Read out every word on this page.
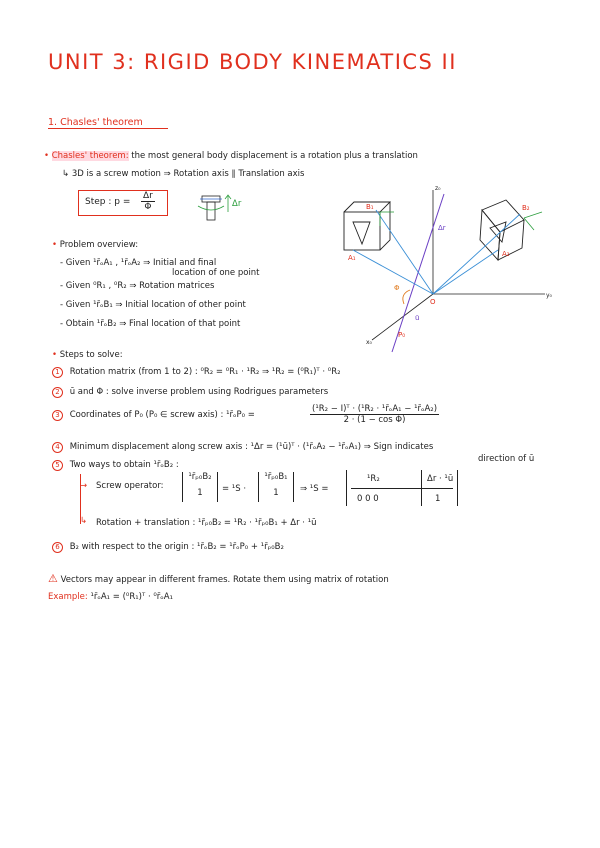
UNIT 3: RIGID BODY KINEMATICS II
1. Chasles' theorem
• Chasles' theorem: the most general body displacement is a rotation plus a translation
↳ 3D is a screw motion ⇒ Rotation axis ∥ Translation axis
Step : $p = \frac{\Delta r}{\Phi}$	Δr
• Problem overview:
- Given ¹r̄ₒA₁ , ¹r̄ₒA₂ ⇒ Initial and final
location of one point
- Given ⁰R₁ , ⁰R₂ ⇒ Rotation matrices
- Given ¹r̄ₒB₁ ⇒ Initial location of other point
- Obtain ¹r̄ₒB₂ ⇒ Final location of that point
z₀
y₀
x₀
O
A₁
B₁
A₂
B₂
P₀
Δr
ū
Φ
• Steps to solve:
1 Rotation matrix (from 1 to 2) : ⁰R₂ = ⁰R₁ · ¹R₂ ⇒ ¹R₂ = (⁰R₁)ᵀ · ⁰R₂
2 ū and Φ : solve inverse problem using Rodrigues parameters
3 Coordinates of P₀ (P₀ ∈ screw axis) : ¹r̄ₒP₀ =	$\frac{\text{(¹R₂ − I)ᵀ · (¹R₂ · ¹r̄ₒA₁ − ¹r̄ₒA₂)}}{\text{2 · (1 − cos Φ)}}$
4 Minimum displacement along screw axis : ¹Δr = (¹ū)ᵀ · (¹r̄ₒA₂ − ¹r̄ₒA₁) ⇒ Sign indicates
direction of ū
5 Two ways to obtain ¹r̄ₒB₂ :
→ Screw operator:
¹r̄ₚ₀B₂
1	= ¹S ·
¹r̄ₚ₀B₁
1	⇒ ¹S =
¹R₂	Δr · ¹ū
0 0 0	1
↳ Rotation + translation : ¹r̄ₚ₀B₂ = ¹R₂ · ¹r̄ₚ₀B₁ + Δr · ¹ū
6 B₂ with respect to the origin : ¹r̄ₒB₂ = ¹r̄ₒP₀ + ¹r̄ₚ₀B₂
⚠ Vectors may appear in different frames. Rotate them using matrix of rotation
Example: ¹r̄ₒA₁ = (⁰R₁)ᵀ · ⁰r̄ₒA₁
